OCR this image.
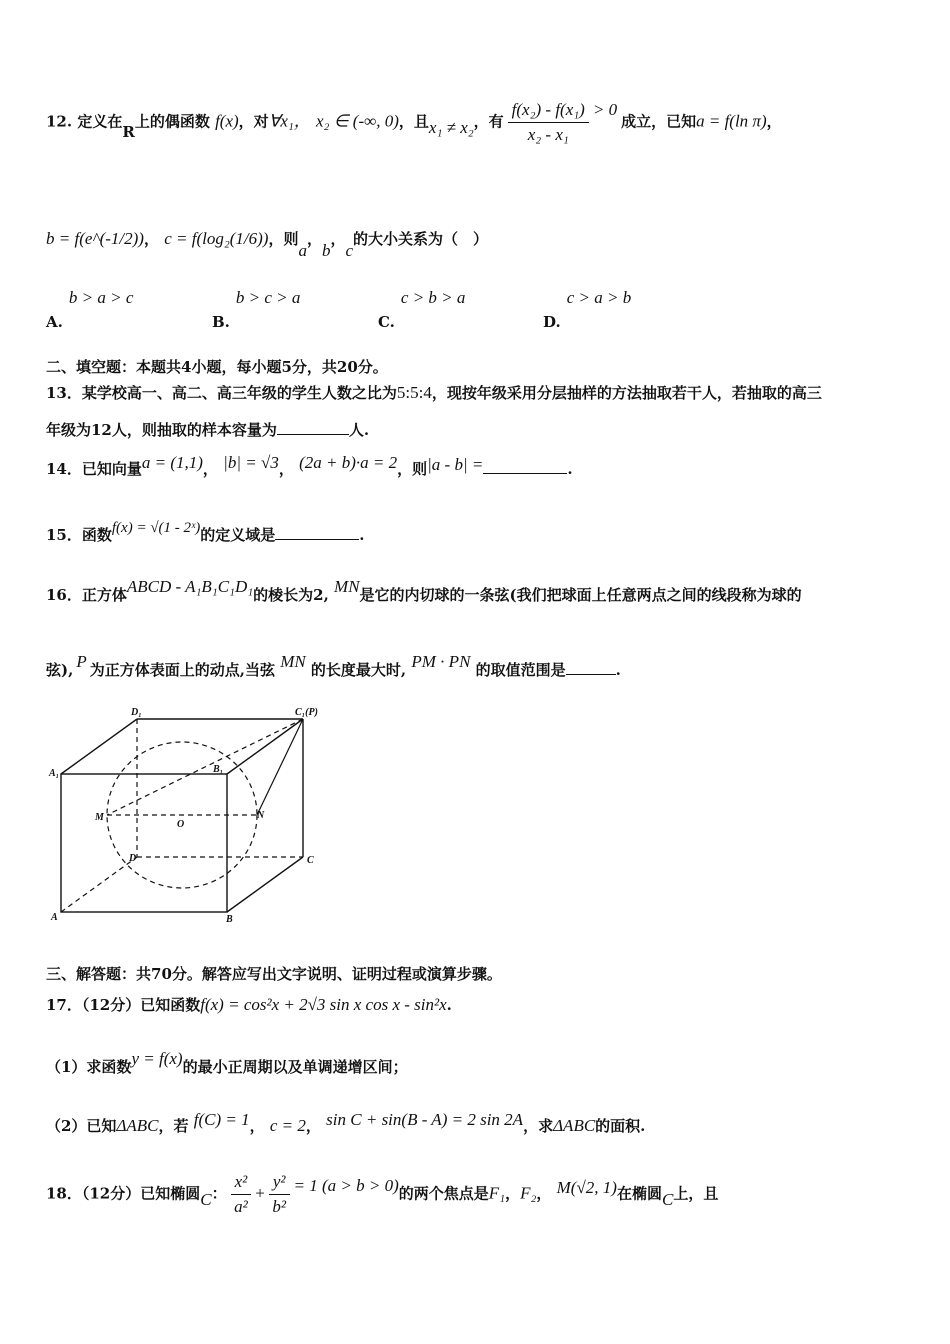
12. 定义在R上的偶函数 f(x)，对∀x₁， x₂ ∈ (-∞, 0)，且x₁ ≠ x₂，有 $\frac{\text{f(x₂) - f(x₁)}}{\text{x₂ - x₁}} > 0$成立，已知a = f(ln π)，
b = f(e^(-1/2))， c = f(log₂(1/6))，则a，b，c的大小关系为（　）
A.b > a > c
B.b > c > a
C.c > b > a
D.c > a > b
二、填空题：本题共4小题，每小题5分，共20分。
13．某学校高一、高二、高三年级的学生人数之比为5:5:4，现按年级采用分层抽样的方法抽取若干人，若抽取的高三
年级为12人，则抽取的样本容量为	人.
14．已知向量a = (1,1)， |b| = √3， (2a + b)·a = 2，则|a - b| =	.
15．函数f(x) = √(1 - 2ˣ)的定义域是	.
16．正方体ABCD - A₁B₁C₁D₁的棱长为2, MN是它的内切球的一条弦(我们把球面上任意两点之间的线段称为球的
弦), P 为正方体表面上的动点,当弦 MN 的长度最大时, PM · PN 的取值范围是	.
D₁	C₁(P)
A₁	B₁
M
O
N
D	C
A	B
三、解答题：共70分。解答应写出文字说明、证明过程或演算步骤。
17．（12分）已知函数f(x) = cos²x + 2√3 sin x cos x - sin²x.
（1）求函数y = f(x)的最小正周期以及单调递增区间；
（2）已知ΔABC，若 f(C) = 1， c = 2， sin C + sin(B - A) = 2 sin 2A，求ΔABC的面积.
18．（12分）已知椭圆C： $\frac{\text{x²}}{\text{a²}} + \frac{\text{y²}}{\text{b²}} = 1$ (a > b > 0)的两个焦点是F₁，F₂， M(√2, 1)在椭圆C上，且
